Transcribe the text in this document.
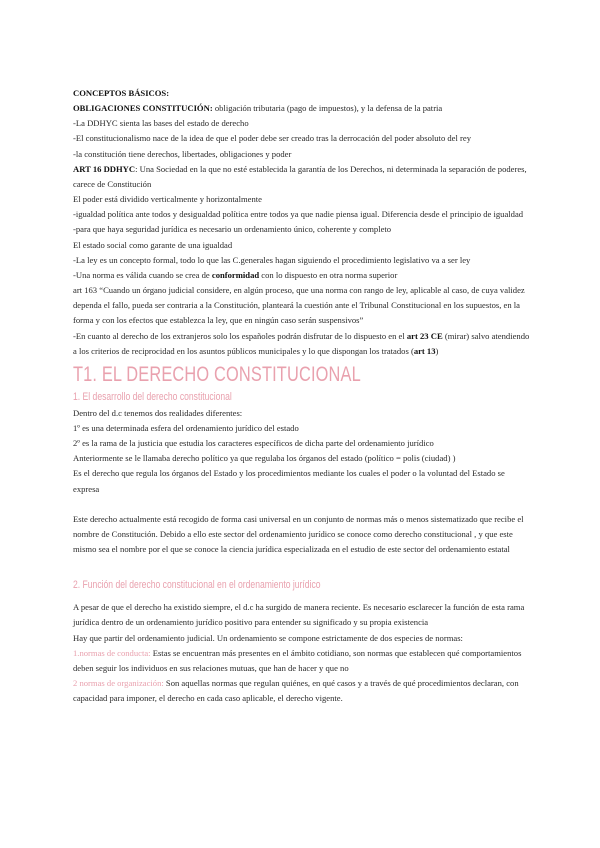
CONCEPTOS BÁSICOS:

OBLIGACIONES CONSTITUCIÓN: obligación tributaria (pago de impuestos), y la defensa de la patria

-La DDHYC sienta las bases del estado de derecho

-El constitucionalismo nace de la idea de que el poder debe ser creado tras la derrocación del poder absoluto del rey

-la constitución tiene derechos, libertades, obligaciones y poder

ART 16 DDHYC: Una Sociedad en la que no esté establecida la garantía de los Derechos, ni determinada la separación de poderes, carece de Constitución

El poder está dividido verticalmente y horizontalmente

-igualdad política ante todos y desigualdad política entre todos ya que nadie piensa igual. Diferencia desde el principio de igualdad

-para que haya seguridad jurídica es necesario un ordenamiento único, coherente y completo

El estado social como garante de una igualdad

-La ley es un concepto formal, todo lo que las C.generales hagan siguiendo el procedimiento legislativo va a ser ley

-Una norma es válida cuando se crea de conformidad con lo dispuesto en otra norma superior

art 163 “Cuando un órgano judicial considere, en algún proceso, que una norma con rango de ley, aplicable al caso, de cuya validez dependa el fallo, pueda ser contraria a la Constitución, planteará la cuestión ante el Tribunal Constitucional en los supuestos, en la forma y con los efectos que establezca la ley, que en ningún caso serán suspensivos”

-En cuanto al derecho de los extranjeros solo los españoles podrán disfrutar de lo dispuesto en el art 23 CE (mirar) salvo atendiendo a los criterios de reciprocidad en los asuntos públicos municipales y lo que dispongan los tratados (art 13)

T1. EL DERECHO CONSTITUCIONAL
1. El desarrollo del derecho constitucional

Dentro del d.c tenemos dos realidades diferentes:

1º es una determinada esfera del ordenamiento jurídico del estado

2º es la rama de la justicia que estudia los caracteres específicos de dicha parte del ordenamiento jurídico

Anteriormente se le llamaba derecho político ya que regulaba los órganos del estado (político = polis (ciudad) )

Es el derecho que regula los órganos del Estado y los procedimientos mediante los cuales el poder o la voluntad del Estado se expresa

Este derecho actualmente está recogido de forma casi universal en un conjunto de normas más o menos sistematizado que recibe el nombre de Constitución. Debido a ello este sector del ordenamiento jurídico se conoce como derecho constitucional , y que este mismo sea el nombre por el que se conoce la ciencia jurídica especializada en el estudio de este sector del ordenamiento estatal

2. Función del derecho constitucional en el ordenamiento jurídico

A pesar de que el derecho ha existido siempre, el d.c ha surgido de manera reciente. Es necesario esclarecer la función de esta rama jurídica dentro de un ordenamiento jurídico positivo para entender su significado y su propia existencia

Hay que partir del ordenamiento judicial. Un ordenamiento se compone estrictamente de dos especies de normas:

1.normas de conducta: Estas se encuentran más presentes en el ámbito cotidiano, son normas que establecen qué comportamientos deben seguir los individuos en sus relaciones mutuas, que han de hacer y que no

2 normas de organización: Son aquellas normas que regulan quiénes, en qué casos y a través de qué procedimientos declaran, con capacidad para imponer, el derecho en cada caso aplicable, el derecho vigente.
